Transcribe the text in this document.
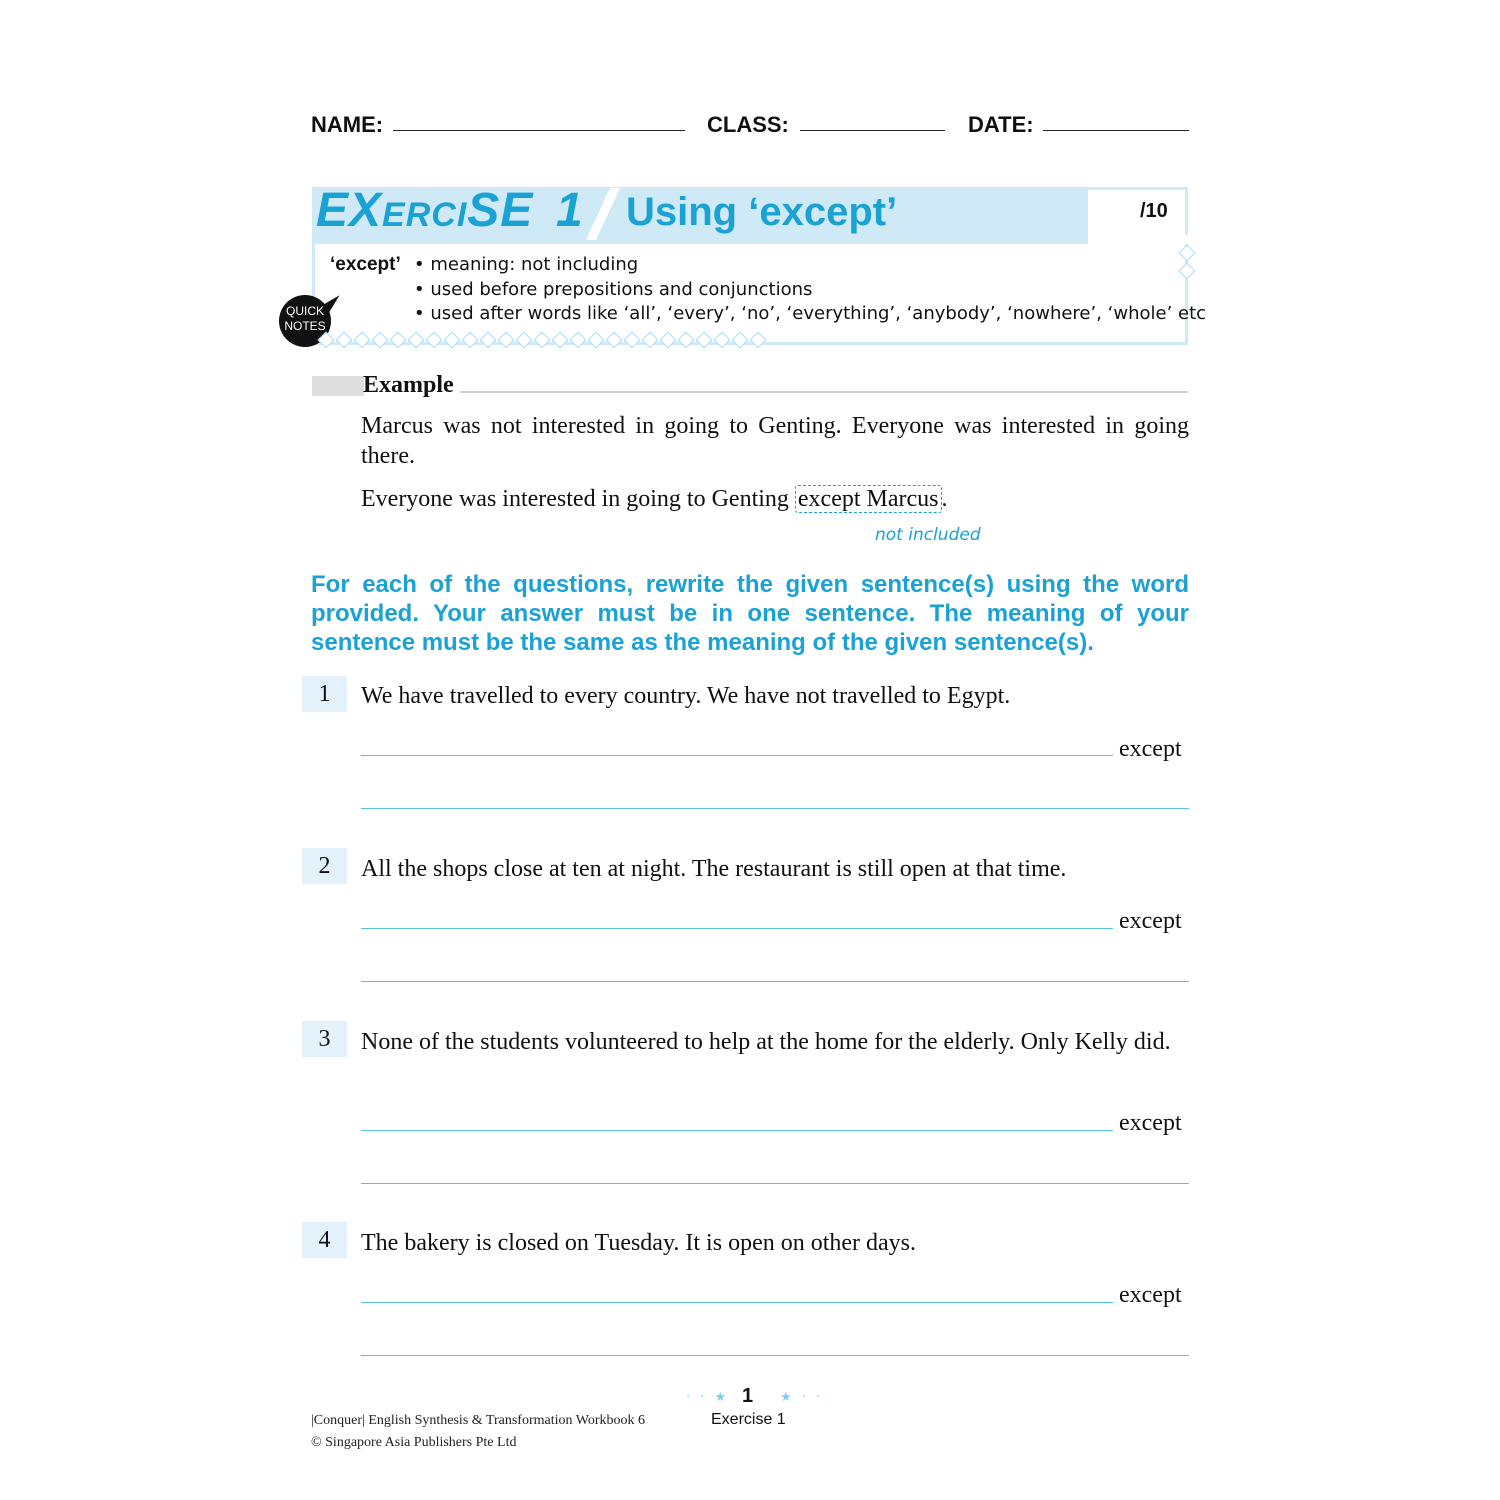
NAME:	CLASS:	DATE:
EXERCISE 1 Using ‘except’	/10
‘except’ • meaning: not including
• used before prepositions and conjunctions
• used after words like ‘all’, ‘every’, ‘no’, ‘everything’, ‘anybody’, ‘nowhere’, ‘whole’ etc
QUICK
NOTES
Example
Marcus was not interested in going to Genting. Everyone was interested in going there.
Everyone was interested in going to Genting except Marcus .
not included
For each of the questions, rewrite the given sentence(s) using the word provided. Your answer must be in one sentence. The meaning of your sentence must be the same as the meaning of the given sentence(s).
1	We have travelled to every country. We have not travelled to Egypt.
except
2	All the shops close at ten at night. The restaurant is still open at that time.
except
3	None of the students volunteered to help at the home for the elderly. Only Kelly did.
except
4	The bakery is closed on Tuesday. It is open on other days.
except
|Conquer| English Synthesis & Transformation Workbook 6
© Singapore Asia Publishers Pte Ltd
· · ★ 1 ★ · ·
Exercise 1
